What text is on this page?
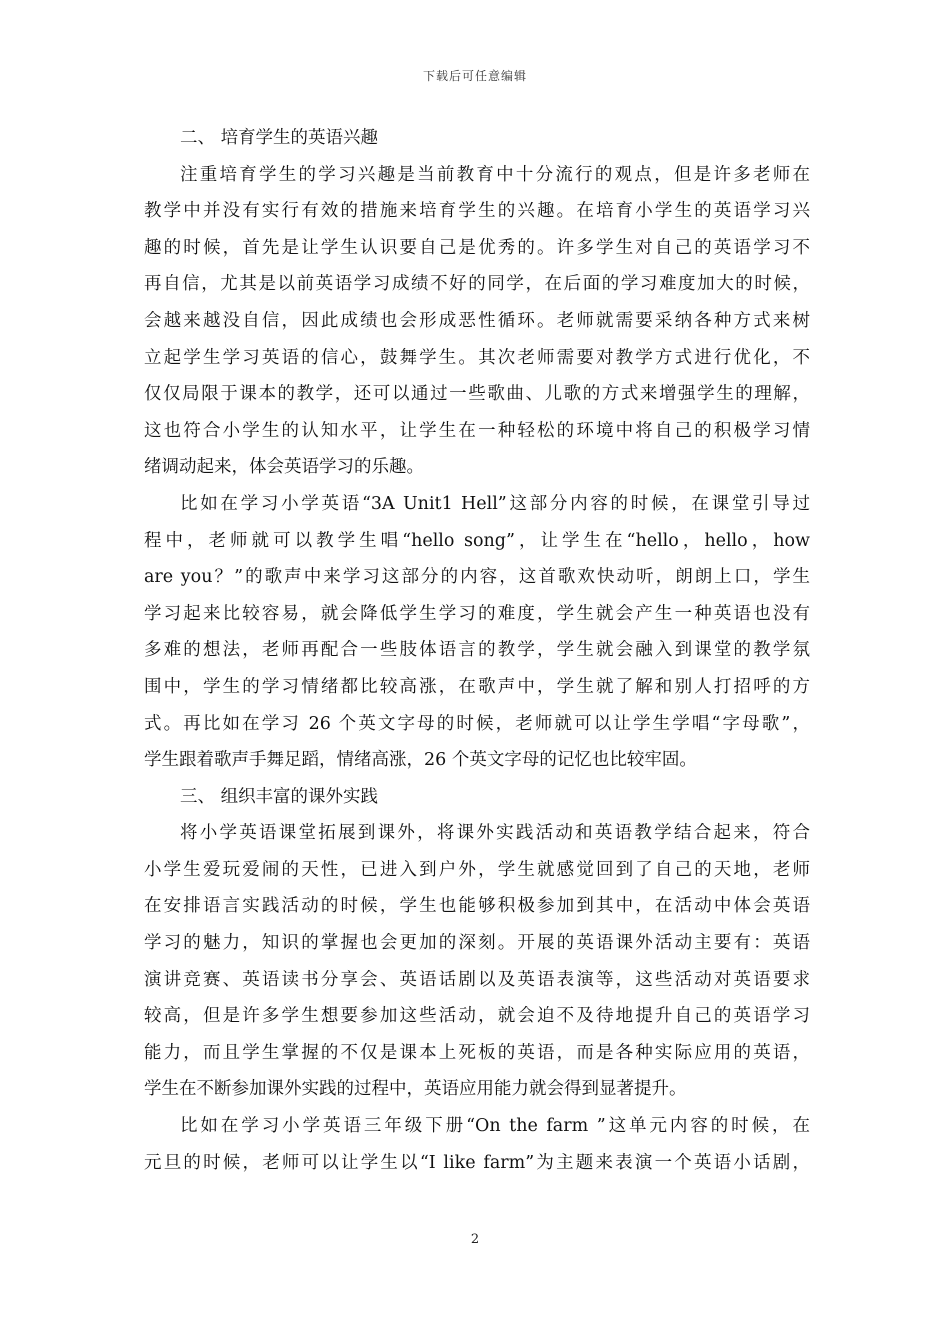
下载后可任意编辑
二、 培育学生的英语兴趣
注重培育学生的学习兴趣是当前教育中十分流行的观点，但是许多老师在
教学中并没有实行有效的措施来培育学生的兴趣。在培育小学生的英语学习兴
趣的时候，首先是让学生认识要自己是优秀的。许多学生对自己的英语学习不
再自信，尤其是以前英语学习成绩不好的同学，在后面的学习难度加大的时候，
会越来越没自信，因此成绩也会形成恶性循环。老师就需要采纳各种方式来树
立起学生学习英语的信心，鼓舞学生。其次老师需要对教学方式进行优化，不
仅仅局限于课本的教学，还可以通过一些歌曲、儿歌的方式来增强学生的理解，
这也符合小学生的认知水平，让学生在一种轻松的环境中将自己的积极学习情
绪调动起来，体会英语学习的乐趣。
比如在学习小学英语“3A Unit1 Hell”这部分内容的时候，在课堂引导过
程中，老师就可以教学生唱“hello song”，让学生在“hello，hello，how
are you？”的歌声中来学习这部分的内容，这首歌欢快动听，朗朗上口，学生
学习起来比较容易，就会降低学生学习的难度，学生就会产生一种英语也没有
多难的想法，老师再配合一些肢体语言的教学，学生就会融入到课堂的教学氛
围中，学生的学习情绪都比较高涨，在歌声中，学生就了解和别人打招呼的方
式。再比如在学习 26 个英文字母的时候，老师就可以让学生学唱“字母歌”，
学生跟着歌声手舞足蹈，情绪高涨，26 个英文字母的记忆也比较牢固。
三、 组织丰富的课外实践
将小学英语课堂拓展到课外，将课外实践活动和英语教学结合起来，符合
小学生爱玩爱闹的天性，已进入到户外，学生就感觉回到了自己的天地，老师
在安排语言实践活动的时候，学生也能够积极参加到其中，在活动中体会英语
学习的魅力，知识的掌握也会更加的深刻。开展的英语课外活动主要有：英语
演讲竞赛、英语读书分享会、英语话剧以及英语表演等，这些活动对英语要求
较高，但是许多学生想要参加这些活动，就会迫不及待地提升自己的英语学习
能力，而且学生掌握的不仅是课本上死板的英语，而是各种实际应用的英语，
学生在不断参加课外实践的过程中，英语应用能力就会得到显著提升。
比如在学习小学英语三年级下册“On the farm ”这单元内容的时候，在
元旦的时候，老师可以让学生以“I like farm”为主题来表演一个英语小话剧，
2
